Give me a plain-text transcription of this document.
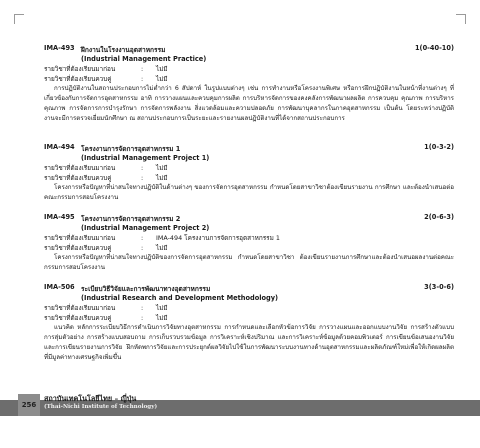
IMA-493 ฝึกงานในโรงงานอุตสาหกรรม	1(0-40-10)
(Industrial Management Practice)
รายวิชาที่ต้องเรียนมาก่อน	: ไม่มี
รายวิชาที่ต้องเรียนควบคู่	: ไม่มี

การปฏิบัติงานในสถานประกอบการไม่ต่ำกว่า 6 สัปดาห์ ในรูปแบบต่างๆ เช่น การทำงานหรือโครงงานพิเศษ หรือการฝึกปฏิบัติงานในหน้าที่งานต่างๆ ที่เกี่ยวข้องกับการจัดการอุตสาหกรรม อาทิ การวางแผนและควบคุมการผลิต การบริหารจัดการของคงคลังการพัฒนาผลผลิต การควบคุม คุณภาพ การบริหารคุณภาพ การจัดการการบำรุงรักษา การจัดการพลังงาน สิ่งแวดล้อมและความปลอดภัย การพัฒนาบุคลากรในภาคอุตสาหกรรม เป็นต้น โดยระหว่างปฏิบัติงานจะมีการตรวจเยี่ยมนักศึกษา ณ สถานประกอบการเป็นระยะและรายงานผลปฏิบัติงานที่ได้จากสถานประกอบการ

IMA-494 โครงงานการจัดการอุตสาหกรรม 1	1(0-3-2)
(Industrial Management Project 1)
รายวิชาที่ต้องเรียนมาก่อน	: ไม่มี
รายวิชาที่ต้องเรียนควบคู่	: ไม่มี

โครงการหรือปัญหาที่น่าสนใจทางปฏิบัติในด้านต่างๆ ของการจัดการอุตสาหกรรม กำหนดโดยสาขาวิชาต้องเขียนรายงาน การศึกษา และต้องนำเสนอต่อคณะกรรมการสอบโครงงาน

IMA-495 โครงงานการจัดการอุตสาหกรรม 2	2(0-6-3)
(Industrial Management Project 2)
รายวิชาที่ต้องเรียนมาก่อน	: IMA-494 โครงงานการจัดการอุตสาหกรรม 1
รายวิชาที่ต้องเรียนควบคู่	: ไม่มี

โครงการหรือปัญหาที่น่าสนใจทางปฏิบัติของการจัดการอุตสาหกรรม กำหนดโดยสาขาวิชา ต้องเขียนรายงานการศึกษาและต้องนำเสนอผลงานต่อคณะกรรมการสอบโครงงาน

IMA-506 ระเบียบวิธีวิจัยและการพัฒนาทางอุตสาหกรรม	3(3-0-6)
(Industrial Research and Development Methodology)
รายวิชาที่ต้องเรียนมาก่อน	: ไม่มี
รายวิชาที่ต้องเรียนควบคู่	: ไม่มี

แนวคิด หลักการระเบียบวิธีการดำเนินการวิจัยทางอุตสาหกรรม การกำหนดและเลือกหัวข้อการวิจัย การวางแผนและออกแบบงานวิจัย การสร้างตัวแบบ การสุ่มตัวอย่าง การสร้างแบบสอบถาม การเก็บรวบรวมข้อมูล การวิเคราะห์เชิงปริมาณ และการวิเคราะห์ข้อมูลด้วยคอมพิวเตอร์ การเขียนข้อเสนองานวิจัย และการเขียนรายงานการวิจัย ฝึกหัดพการวิจัยและการประยุกต์ผลวิจัยไปใช้ในการพัฒนาระบบงานทางด้านอุตสาหกรรมและผลิตภัณฑ์ใหม่เพื่อให้เกิดผลผลิตที่มีมูลค่าทางเศรษฐกิจเพิ่มขึ้น

256
สถาบันเทคโนโลยีไทย – ญี่ปุ่น
(Thai-Nichi Institute of Technology)
